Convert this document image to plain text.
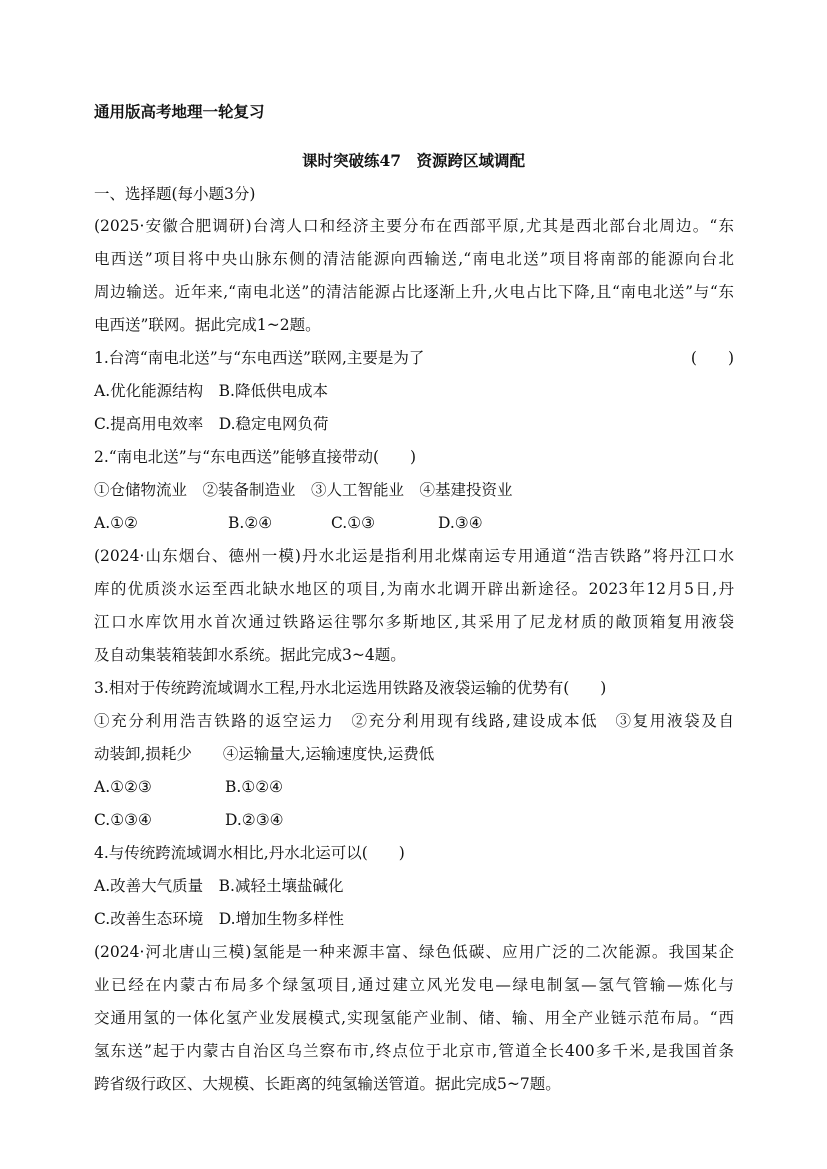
通用版高考地理一轮复习
课时突破练47　资源跨区域调配
一、选择题(每小题3分)
(2025·安徽合肥调研)台湾人口和经济主要分布在西部平原,尤其是西北部台北周边。“东
电西送”项目将中央山脉东侧的清洁能源向西输送,“南电北送”项目将南部的能源向台北
周边输送。近年来,“南电北送”的清洁能源占比逐渐上升,火电占比下降,且“南电北送”与“东
电西送”联网。据此完成1~2题。
1.台湾“南电北送”与“东电西送”联网,主要是为了	(　　)
A.优化能源结构　B.降低供电成本
C.提高用电效率　D.稳定电网负荷
2.“南电北送”与“东电西送”能够直接带动(　　)
①仓储物流业　②装备制造业　③人工智能业　④基建投资业
A.①②	B.②④	C.①③	D.③④
(2024·山东烟台、德州一模)丹水北运是指利用北煤南运专用通道“浩吉铁路”将丹江口水
库的优质淡水运至西北缺水地区的项目,为南水北调开辟出新途径。2023年12月5日,丹
江口水库饮用水首次通过铁路运往鄂尔多斯地区,其采用了尼龙材质的敞顶箱复用液袋
及自动集装箱装卸水系统。据此完成3~4题。
3.相对于传统跨流域调水工程,丹水北运选用铁路及液袋运输的优势有(　　)
①充分利用浩吉铁路的返空运力　②充分利用现有线路,建设成本低　③复用液袋及自
动装卸,损耗少　　④运输量大,运输速度快,运费低
A.①②③	B.①②④
C.①③④	D.②③④
4.与传统跨流域调水相比,丹水北运可以(　　)
A.改善大气质量　B.减轻土壤盐碱化
C.改善生态环境　D.增加生物多样性
(2024·河北唐山三模)氢能是一种来源丰富、绿色低碳、应用广泛的二次能源。我国某企
业已经在内蒙古布局多个绿氢项目,通过建立风光发电—绿电制氢—氢气管输—炼化与
交通用氢的一体化氢产业发展模式,实现氢能产业制、储、输、用全产业链示范布局。“西
氢东送”起于内蒙古自治区乌兰察布市,终点位于北京市,管道全长400多千米,是我国首条
跨省级行政区、大规模、长距离的纯氢输送管道。据此完成5~7题。
